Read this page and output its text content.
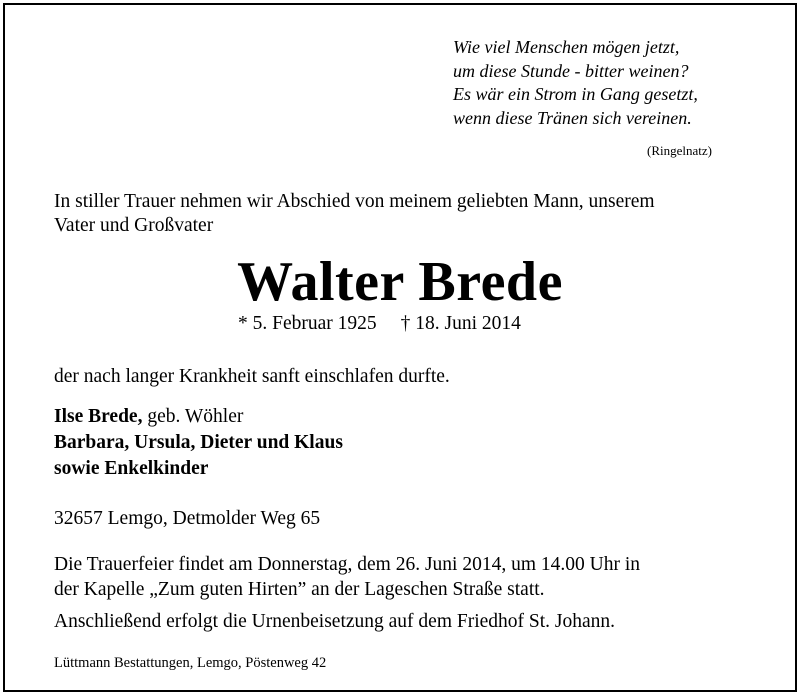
Wie viel Menschen mögen jetzt,
um diese Stunde - bitter weinen?
Es wär ein Strom in Gang gesetzt,
wenn diese Tränen sich vereinen.
(Ringelnatz)
In stiller Trauer nehmen wir Abschied von meinem geliebten Mann, unserem
Vater und Großvater
Walter Brede
* 5. Februar 1925 † 18. Juni 2014
der nach langer Krankheit sanft einschlafen durfte.
Ilse Brede, geb. Wöhler
Barbara, Ursula, Dieter und Klaus
sowie Enkelkinder
32657 Lemgo, Detmolder Weg 65
Die Trauerfeier findet am Donnerstag, dem 26. Juni 2014, um 14.00 Uhr in
der Kapelle „Zum guten Hirten” an der Lageschen Straße statt.
Anschließend erfolgt die Urnenbeisetzung auf dem Friedhof St. Johann.
Lüttmann Bestattungen, Lemgo, Pöstenweg 42
